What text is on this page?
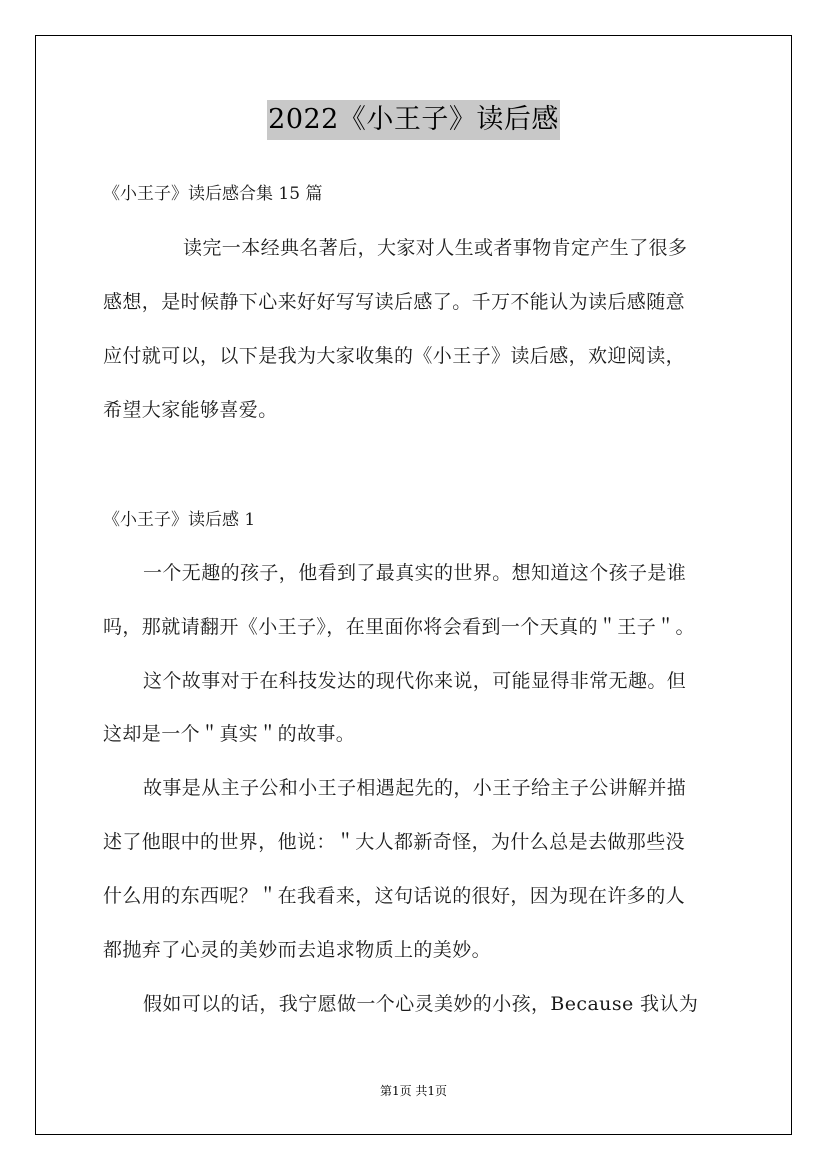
2022《小王子》读后感

《小王子》读后感合集 15 篇

读完一本经典名著后，大家对人生或者事物肯定产生了很多

感想，是时候静下心来好好写写读后感了。千万不能认为读后感随意

应付就可以，以下是我为大家收集的《小王子》读后感，欢迎阅读，

希望大家能够喜爱。

《小王子》读后感 1

一个无趣的孩子，他看到了最真实的世界。想知道这个孩子是谁

吗，那就请翻开《小王子》，在里面你将会看到一个天真的＂王子＂。

这个故事对于在科技发达的现代你来说，可能显得非常无趣。但

这却是一个＂真实＂的故事。

故事是从主子公和小王子相遇起先的，小王子给主子公讲解并描

述了他眼中的世界，他说：＂大人都新奇怪，为什么总是去做那些没

什么用的东西呢？＂在我看来，这句话说的很好，因为现在许多的人

都抛弃了心灵的美妙而去追求物质上的美妙。

假如可以的话，我宁愿做一个心灵美妙的小孩，Because 我认为

第1页 共1页
